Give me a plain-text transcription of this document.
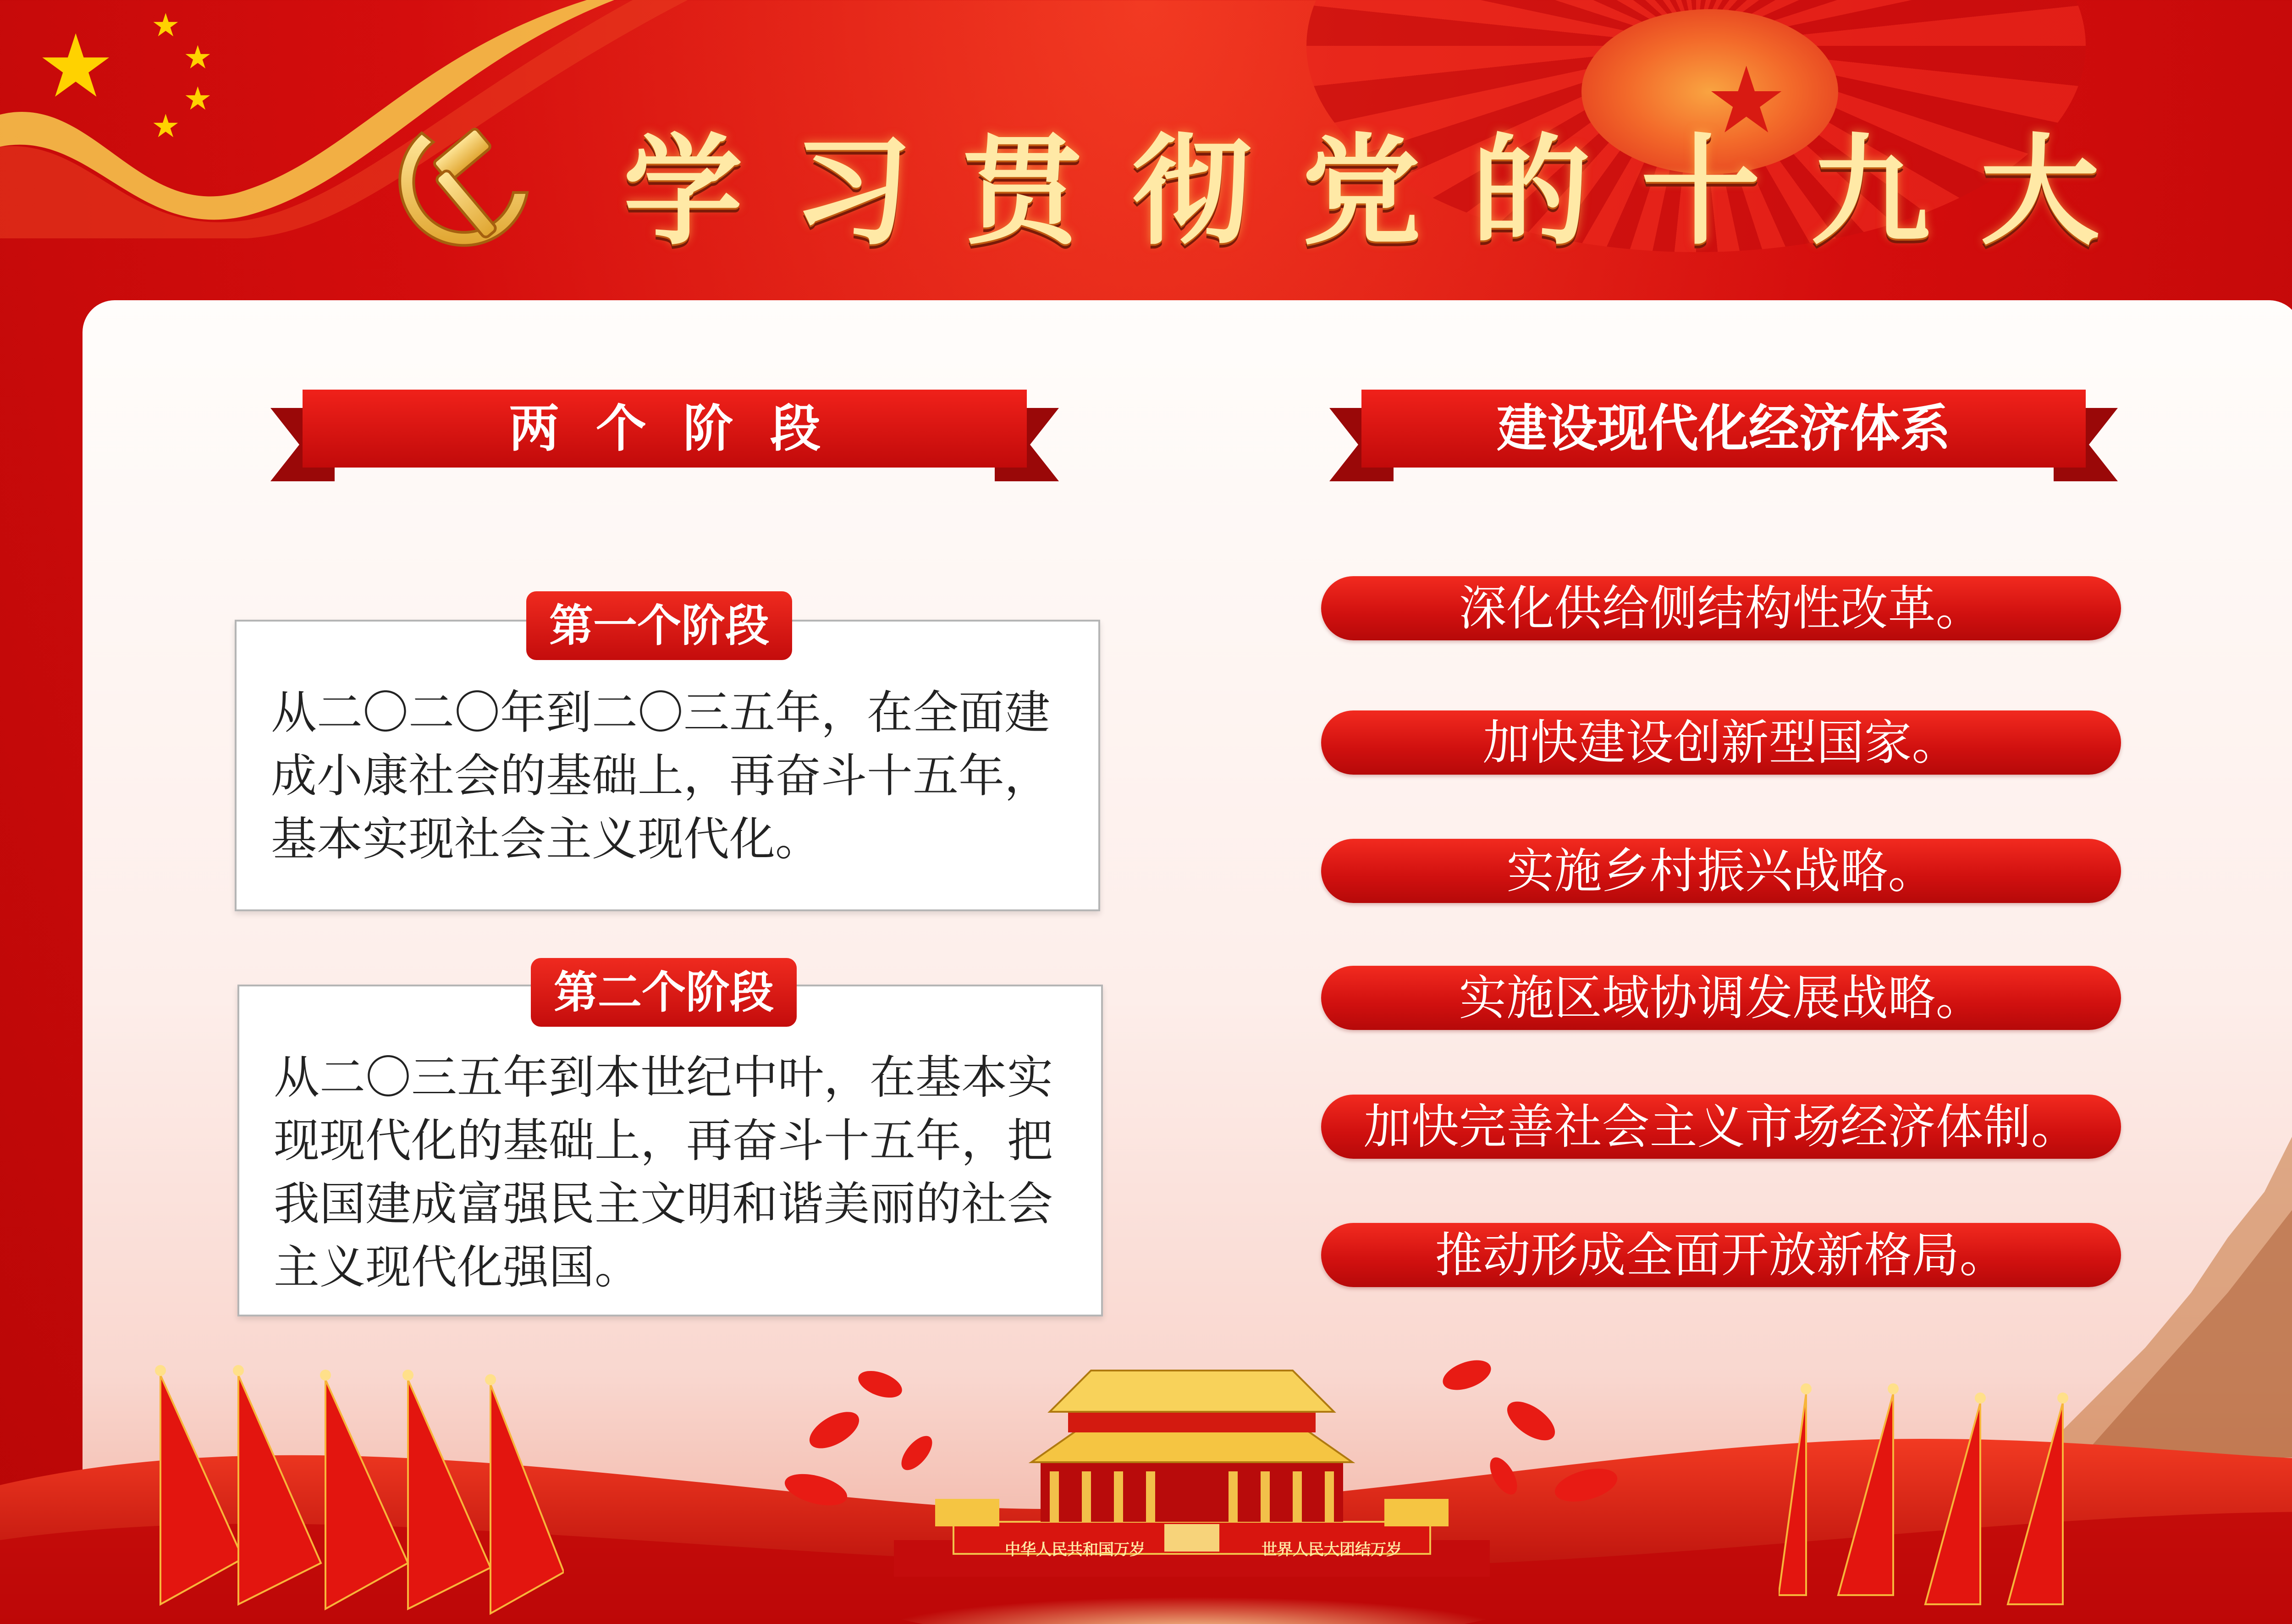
★
★ ★
★
★
★	学习贯彻党的十九大
两个阶段

从二〇二〇年到二〇三五年，在全面建
成小康社会的基础上，再奋斗十五年，
基本实现社会主义现代化。

第一个阶段

从二〇三五年到本世纪中叶，在基本实
现现代化的基础上，再奋斗十五年，把
我国建成富强民主文明和谐美丽的社会
主义现代化强国。

第二个阶段
建设现代化经济体系
深化供给侧结构性改革。
加快建设创新型国家。
实施乡村振兴战略。
实施区域协调发展战略。
加快完善社会主义市场经济体制。
推动形成全面开放新格局。
中华人民共和国万岁	世界人民大团结万岁
